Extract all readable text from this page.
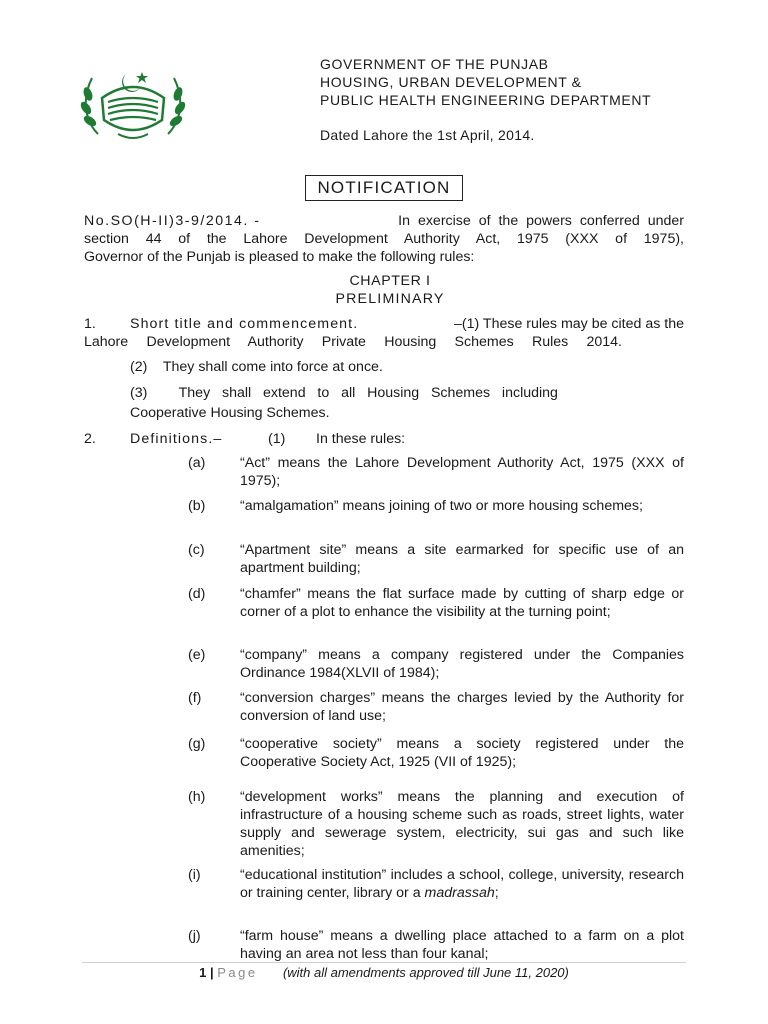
GOVERNMENT OF THE PUNJAB
HOUSING, URBAN DEVELOPMENT &
PUBLIC HEALTH ENGINEERING DEPARTMENT
Dated Lahore the 1st April, 2014.
NOTIFICATION
No.SO(H-II)3-9/2014. -	In exercise of the powers conferred under
section 44 of the Lahore Development Authority Act, 1975 (XXX of 1975),
Governor of the Punjab is pleased to make the following rules:
CHAPTER I
PRELIMINARY
1. Short title and commencement.	–(1) These rules may be cited as the
Lahore Development Authority Private Housing Schemes Rules 2014.
(2)    They shall come into force at once.
(3)        They   shall   extend   to   all   Housing   Schemes   including
Cooperative Housing Schemes.
2. Definitions.–	(1) In these rules:
(a) “Act” means the Lahore Development Authority Act, 1975 (XXX of 1975);
(b) “amalgamation” means joining of two or more housing schemes;
(c) “Apartment site” means a site earmarked for specific use of an apartment building;
(d) “chamfer” means the flat surface made by cutting of sharp edge or corner of a plot to enhance the visibility at the turning point;
(e) “company” means a company registered under the Companies Ordinance 1984(XLVII of 1984);
(f)	“conversion charges” means the charges levied by the Authority for conversion of land use;
(g) “cooperative society” means a society registered under the Cooperative Society Act, 1925 (VII of 1925);
(h) “development works” means the planning and execution of infrastructure of a housing scheme such as roads, street lights, water supply and sewerage system, electricity, sui gas and such like amenities;
(i)	“educational institution” includes a school, college, university, research or training center, library or a madrassah;
(j)	“farm house” means a dwelling place attached to a farm on a plot having an area not less than four kanal;
1 | Page (with all amendments approved till June 11, 2020)
